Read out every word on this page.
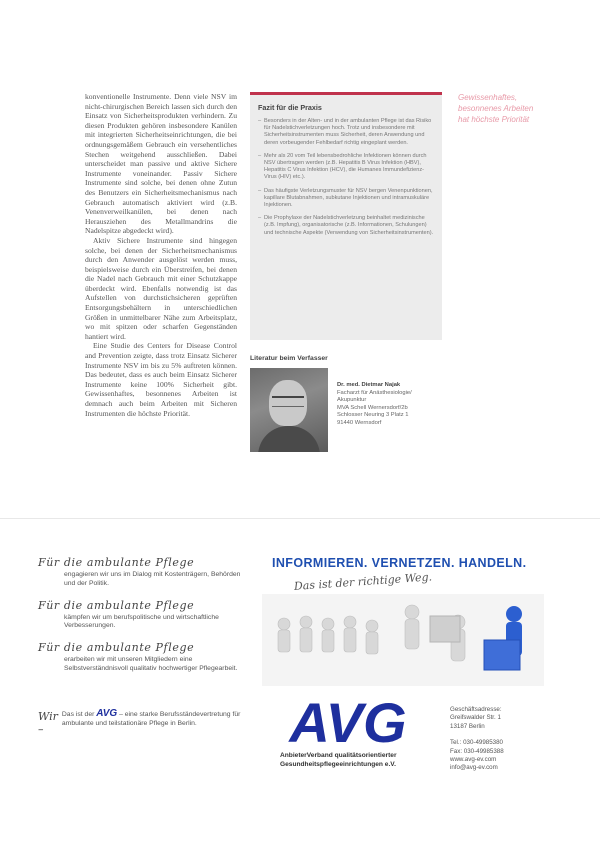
konventionelle Instrumente. Denn viele NSV im nicht-chirurgischen Bereich lassen sich durch den Einsatz von Sicherheitsprodukten verhindern. Zu diesen Produkten gehören insbesondere Kanülen mit integrierten Sicherheitseinrichtungen, die bei ordnungsgemäßem Gebrauch ein versehentliches Stechen weitgehend ausschließen. Dabei unterscheidet man passive und aktive Sichere Instrumente voneinander. Passiv Sichere Instrumente sind solche, bei denen ohne Zutun des Benutzers ein Sicherheitsmechanismus nach Gebrauch automatisch aktiviert wird (z.B. Venenverweilkanülen, bei denen nach Herausziehen des Metallmandrins die Nadelspitze abgedeckt wird).

Aktiv Sichere Instrumente sind hingegen solche, bei denen der Sicherheitsmechanismus durch den Anwender ausgelöst werden muss, beispielsweise durch ein Überstreifen, bei denen die Nadel nach Gebrauch mit einer Schutzkappe überdeckt wird. Ebenfalls notwendig ist das Aufstellen von durchstichsicheren geprüften Entsorgungsbehältern in unterschiedlichen Größen in unmittelbarer Nähe zum Arbeitsplatz, wo mit spitzen oder scharfen Gegenständen hantiert wird.

Eine Studie des Centers for Disease Control and Prevention zeigte, dass trotz Einsatz Sicherer Instrumente NSV im bis zu 5% auftreten können. Das bedeutet, dass es auch beim Einsatz Sicherer Instrumente keine 100% Sicherheit gibt. Gewissenhaftes, besonnenes Arbeiten ist demnach auch beim Arbeiten mit Sicheren Instrumenten die höchste Priorität.

Fazit für die Praxis
– Besonders in der Alten- und in der ambulanten Pflege ist das Risiko für Nadelstichverletzungen hoch. Trotz und insbesondere mit Sicherheitsinstrumenten muss Sicherheit, deren Anwendung und deren vorbeugender Fehlbedarf richtig eingeplant werden.
– Mehr als 20 vom Teil lebensbedrohliche Infektionen können durch NSV übertragen werden (z.B. Hepatitis B Virus Infektion (HBV), Hepatitis C Virus Infektion (HCV), die Humanes Immundefizienz-Virus (HIV) etc.).
– Das häufigste Verletzungsmuster für NSV bergen Venenpunktionen, kapillare Blutabnahmen, subkutane Injektionen und intramuskuläre Injektionen.
– Die Prophylaxe der Nadelstichverletzung beinhaltet medizinische (z.B. Impfung), organisatorische (z.B. Informationen, Schulungen) und technische Aspekte (Verwendung von Sicherheitsinstrumenten).
Gewissenhaftes, besonnenes Arbeiten hat höchste Priorität
Literatur beim Verfasser
Dr. med. Dietmar Najak
Facharzt für Anästhesiologie/
Akupunktur
MVA Schell Wernersdorf/2b
Schlosser Neuring 3 Platz 1
91440 Wernsdorf
Für die ambulante Pflege
engagieren wir uns im Dialog mit Kostenträgern, Behörden und der Politik.
Für die ambulante Pflege
kämpfen wir um berufspolitische und wirtschaftliche Verbesserungen.
Für die ambulante Pflege
erarbeiten wir mit unseren Mitgliedern eine Selbstverständnisvoll qualitativ hochwertiger Pflegearbeit.
Wir –
Das ist der AVG – eine starke Berufsständevertretung für ambulante und teilstationäre Pflege in Berlin.
INFORMIEREN. VERNETZEN. HANDELN.
Das ist der richtige Weg.
AVG
AnbieterVerband qualitätsorientierter
Gesundheitspflegeeinrichtungen e.V.
Geschäftsadresse:
Greifswalder Str. 1
13187 Berlin
Tel.: 030-49985380
Fax: 030-49985388
www.avg-ev.com
info@avg-ev.com
